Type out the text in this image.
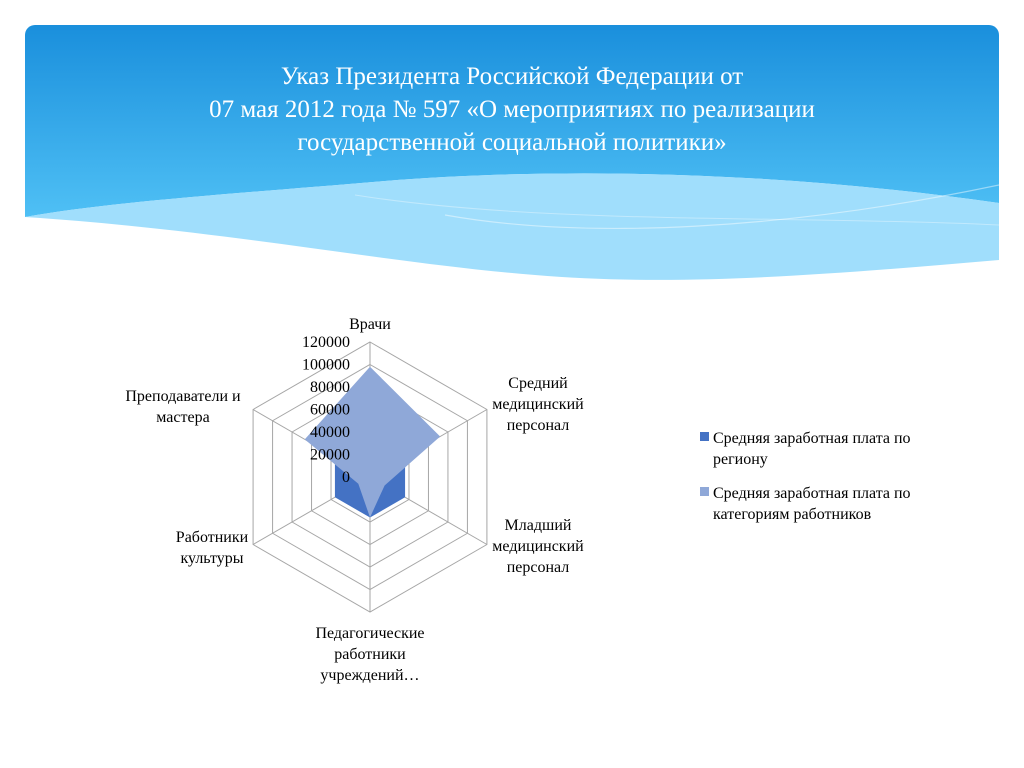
Указ Президента Российской Федерации от
07 мая 2012 года № 597 «О мероприятиях по реализации
государственной социальной политики»
0
20000
40000
60000
80000
100000
120000
Врачи
Средний медицинский персонал
Младший медицинский персонал
Педагогические работники учреждений…
Работники культуры
Преподаватели и мастера
Средняя заработная плата по региону
Средняя заработная плата по категориям работников
